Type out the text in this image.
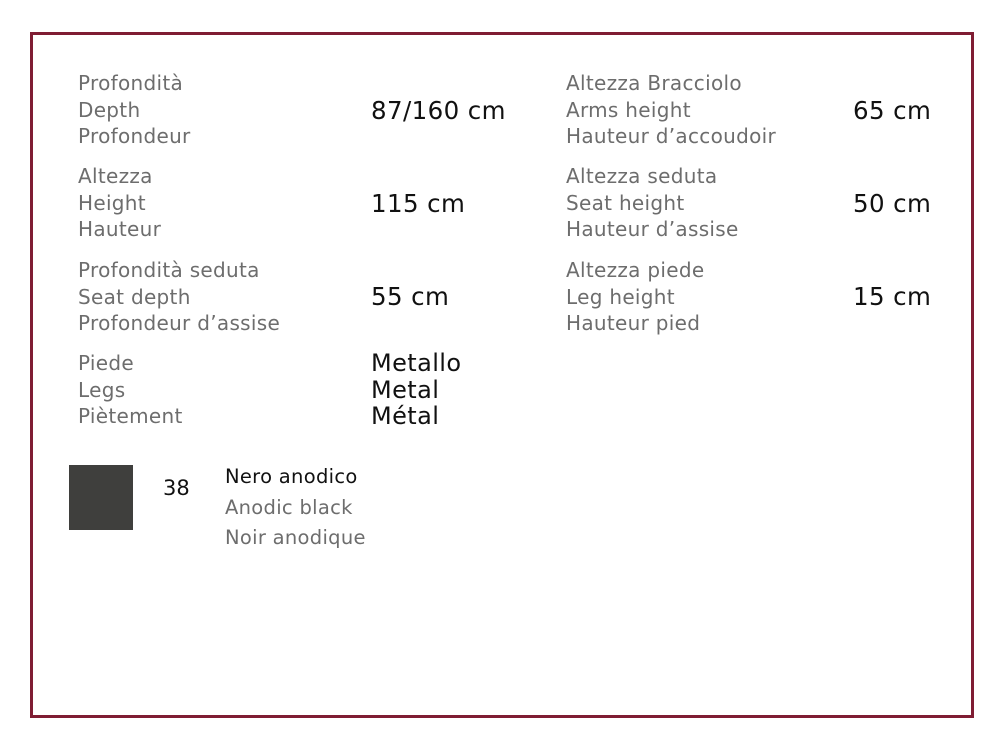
Profondità
Depth
Profondeur
87/160 cm
Altezza
Height
Hauteur
115 cm
Profondità seduta
Seat depth
Profondeur d’assise
55 cm
Piede
Legs
Piètement
Metallo
Metal
Métal
Altezza Bracciolo
Arms height
Hauteur d’accoudoir
65 cm
Altezza seduta
Seat height
Hauteur d’assise
50 cm
Altezza piede
Leg height
Hauteur pied
15 cm
38 Nero anodico
Anodic black
Noir anodique
